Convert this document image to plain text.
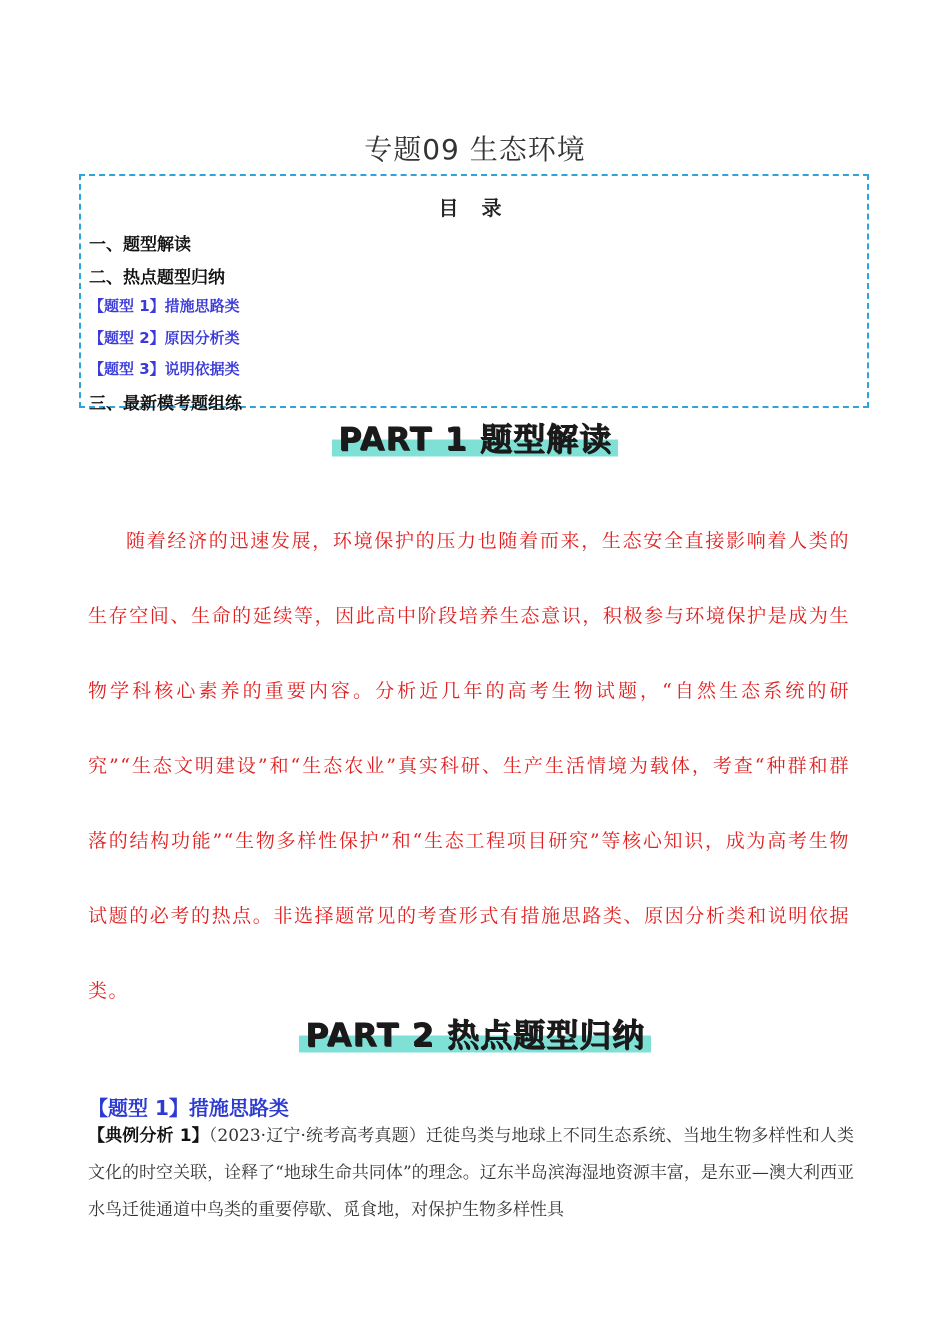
专题09 生态环境
目 录
一、题型解读
二、热点题型归纳
【题型 1】措施思路类
【题型 2】原因分析类
【题型 3】说明依据类
三、最新模考题组练
PART 1 题型解读
随着经济的迅速发展，环境保护的压力也随着而来，生态安全直接影响着人类的生存空间、生命的延续等，因此高中阶段培养生态意识，积极参与环境保护是成为生物学科核心素养的重要内容。分析近几年的高考生物试题，“自然生态系统的研究”“生态文明建设”和“生态农业”真实科研、生产生活情境为载体，考查“种群和群落的结构功能”“生物多样性保护”和“生态工程项目研究”等核心知识，成为高考生物试题的必考的热点。非选择题常见的考查形式有措施思路类、原因分析类和说明依据类。
PART 2 热点题型归纳
【题型 1】措施思路类
【典例分析 1】（2023·辽宁·统考高考真题）迁徙鸟类与地球上不同生态系统、当地生物多样性和人类文化的时空关联，诠释了“地球生命共同体”的理念。辽东半岛滨海湿地资源丰富，是东亚—澳大利西亚水鸟迁徙通道中鸟类的重要停歇、觅食地，对保护生物多样性具
